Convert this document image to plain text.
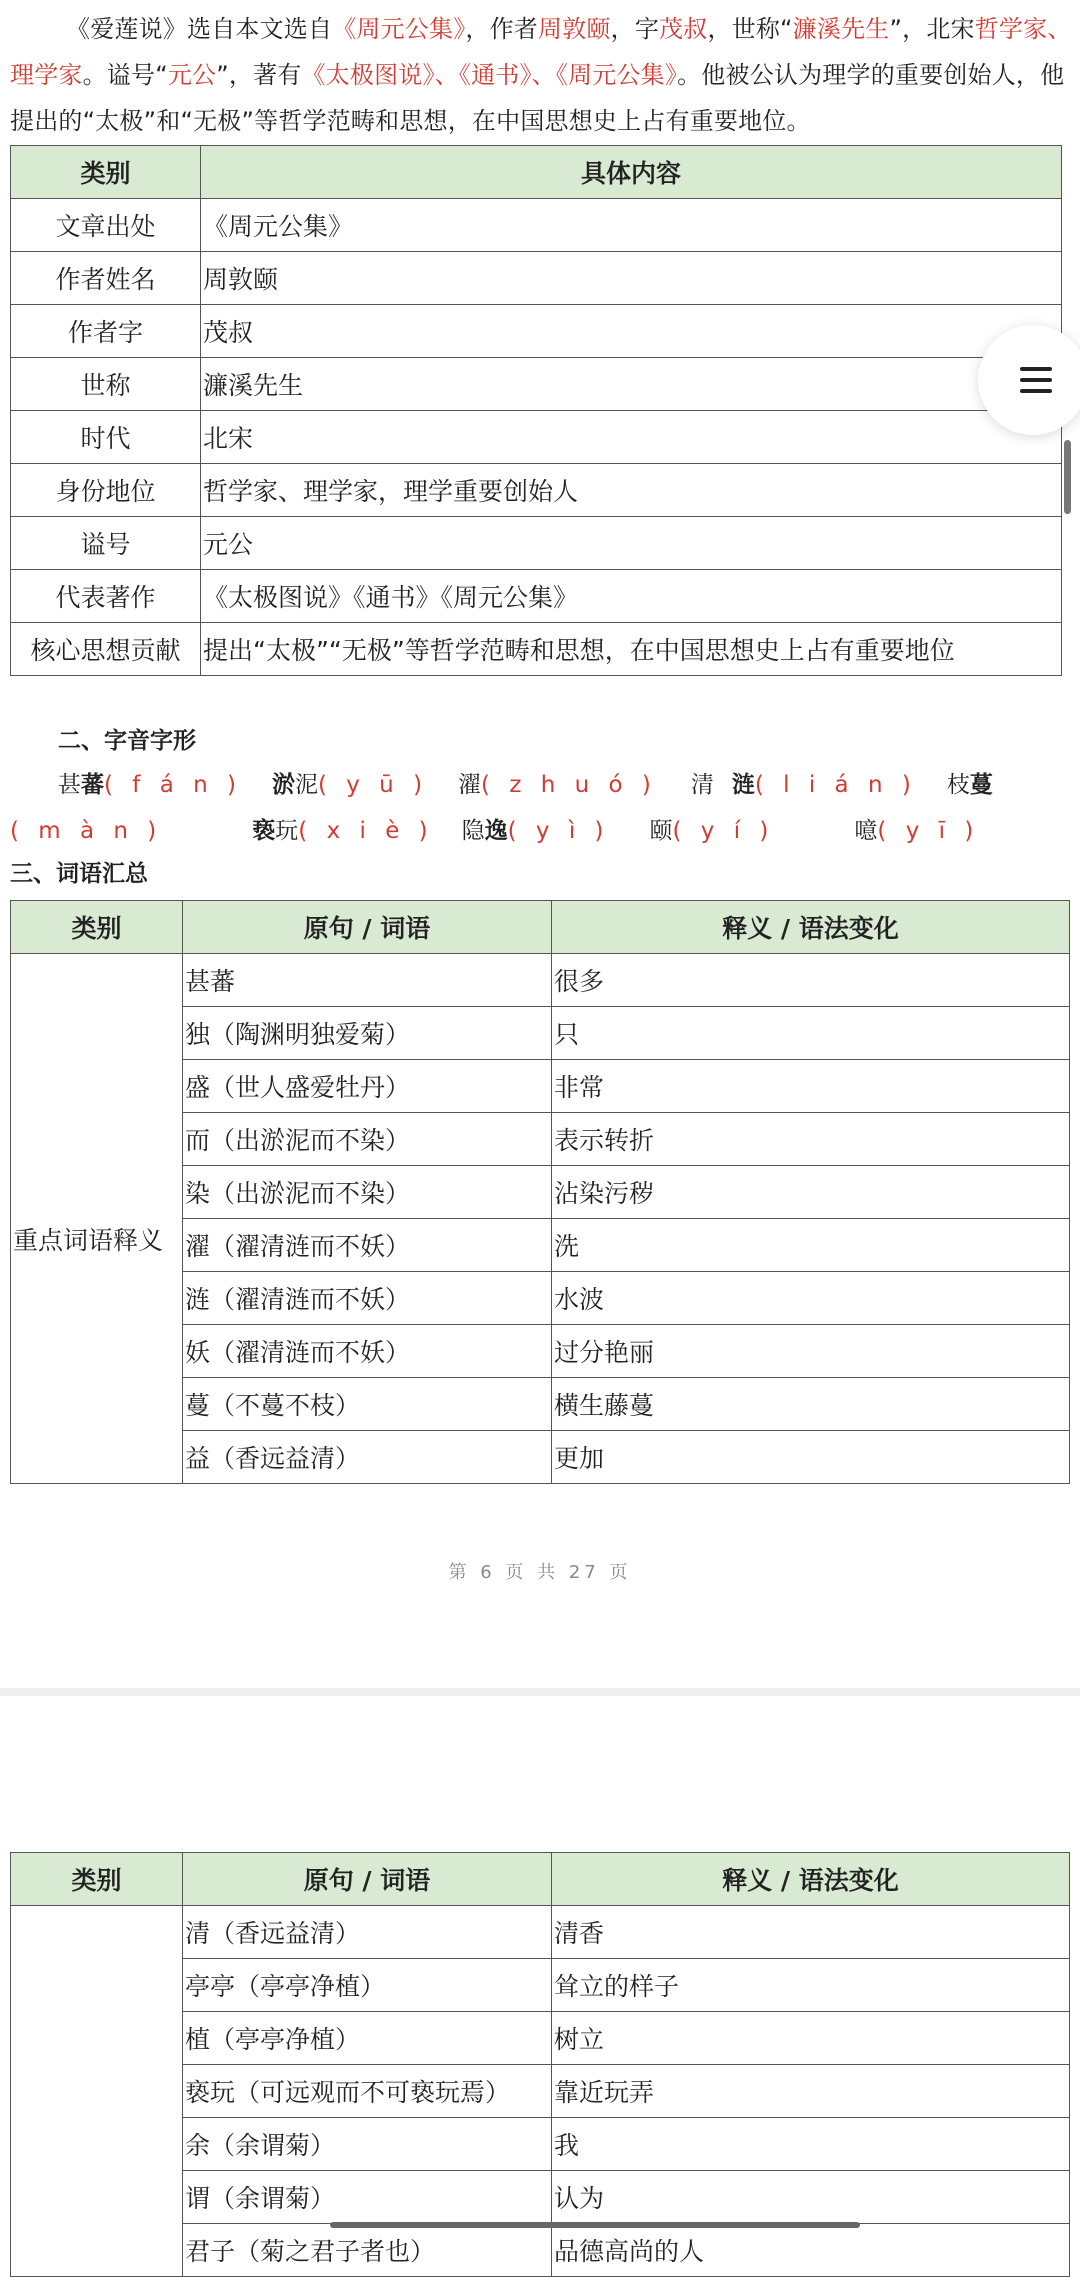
《爱莲说》选自本文选自《周元公集》，作者周敦颐，字茂叔，世称“濂溪先生”，北宋哲学家、理学家。谥号“元公”，著有《太极图说》、《通书》、《周元公集》。他被公认为理学的重要创始人，他提出的“太极”和“无极”等哲学范畴和思想，在中国思想史上占有重要地位。

类别	具体内容
文章出处	《周元公集》
作者姓名	周敦颐
作者字	茂叔
世称	濂溪先生
时代	北宋
身份地位	哲学家、理学家，理学重要创始人
谥号	元公
代表著作	《太极图说》《通书》《周元公集》
核心思想贡献	提出“太极”“无极”等哲学范畴和思想，在中国思想史上占有重要地位

二、字音字形

甚蕃( f á n ) 淤泥( y ū ) 濯( z h u ó ) 清 涟( l i á n ) 枝蔓

( m à n )	亵玩( x i è ) 隐逸( y ì ) 颐( y í )	噫( y ī )

三、词语汇总

类别	原句 / 词语	释义 / 语法变化
重点词语释义	甚蕃	很多
	独（陶渊明独爱菊）	只
	盛（世人盛爱牡丹）	非常
	而（出淤泥而不染）	表示转折
	染（出淤泥而不染）	沾染污秽
	濯（濯清涟而不妖）	洗
	涟（濯清涟而不妖）	水波
	妖（濯清涟而不妖）	过分艳丽
	蔓（不蔓不枝）	横生藤蔓
	益（香远益清）	更加

第 6 页 共 27 页

类别	原句 / 词语	释义 / 语法变化
	清（香远益清）	清香
	亭亭（亭亭净植）	耸立的样子
	植（亭亭净植）	树立
	亵玩（可远观而不可亵玩焉）	靠近玩弄
	余（余谓菊）	我
	谓（余谓菊）	认为
	君子（菊之君子者也）	品德高尚的人
